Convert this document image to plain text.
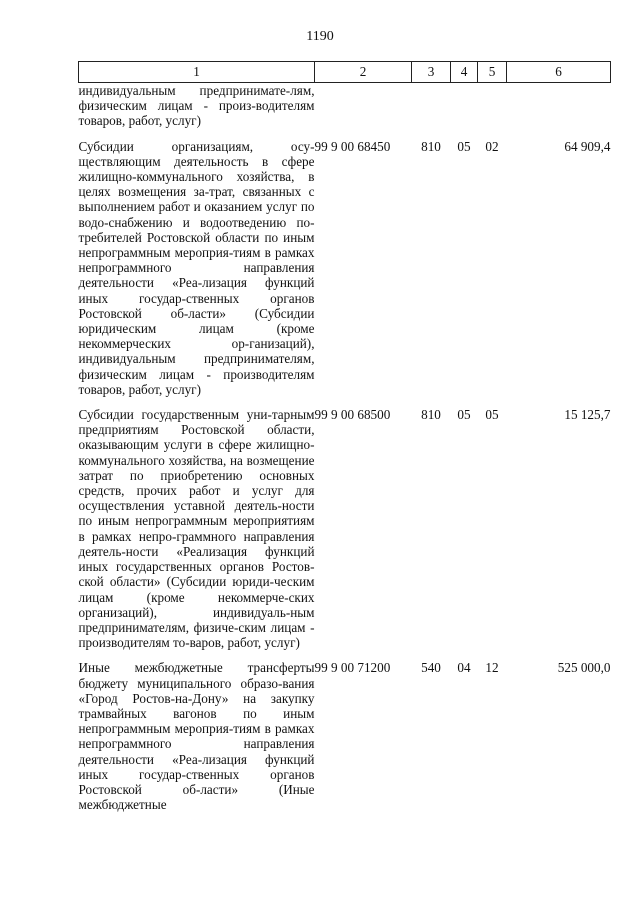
1190
1	2	3	4	5	6
индивидуальным предпринимате-лям, физическим лицам - произ-водителям товаров, работ, услуг)					

Субсидии организациям, осу-ществляющим деятельность в сфере жилищно-коммунального хозяйства, в целях возмещения за-трат, связанных с выполнением работ и оказанием услуг по водо-снабжению и водоотведению по-требителей Ростовской области по иным непрограммным мероприя-тиям в рамках непрограммного направления деятельности «Реа-лизация функций иных государ-ственных органов Ростовской об-ласти» (Субсидии юридическим лицам (кроме некоммерческих ор-ганизаций), индивидуальным предпринимателям, физическим лицам - производителям товаров, работ, услуг)	99 9 00 68450	810	05	02	64 909,4

Субсидии государственным уни-тарным предприятиям Ростовской области, оказывающим услуги в сфере жилищно-коммунального хозяйства, на возмещение затрат по приобретению основных средств, прочих работ и услуг для осуществления уставной деятель-ности по иным непрограммным мероприятиям в рамках непро-граммного направления деятель-ности «Реализация функций иных государственных органов Ростов-ской области» (Субсидии юриди-ческим лицам (кроме некоммерче-ских организаций), индивидуаль-ным предпринимателям, физиче-ским лицам - производителям то-варов, работ, услуг)	99 9 00 68500	810	05	05	15 125,7

Иные межбюджетные трансферты бюджету муниципального образо-вания «Город Ростов-на-Дону» на закупку трамвайных вагонов по иным непрограммным мероприя-тиям в рамках непрограммного направления деятельности «Реа-лизация функций иных государ-ственных органов Ростовской об-ласти» (Иные межбюджетные	99 9 00 71200	540	04	12	525 000,0
